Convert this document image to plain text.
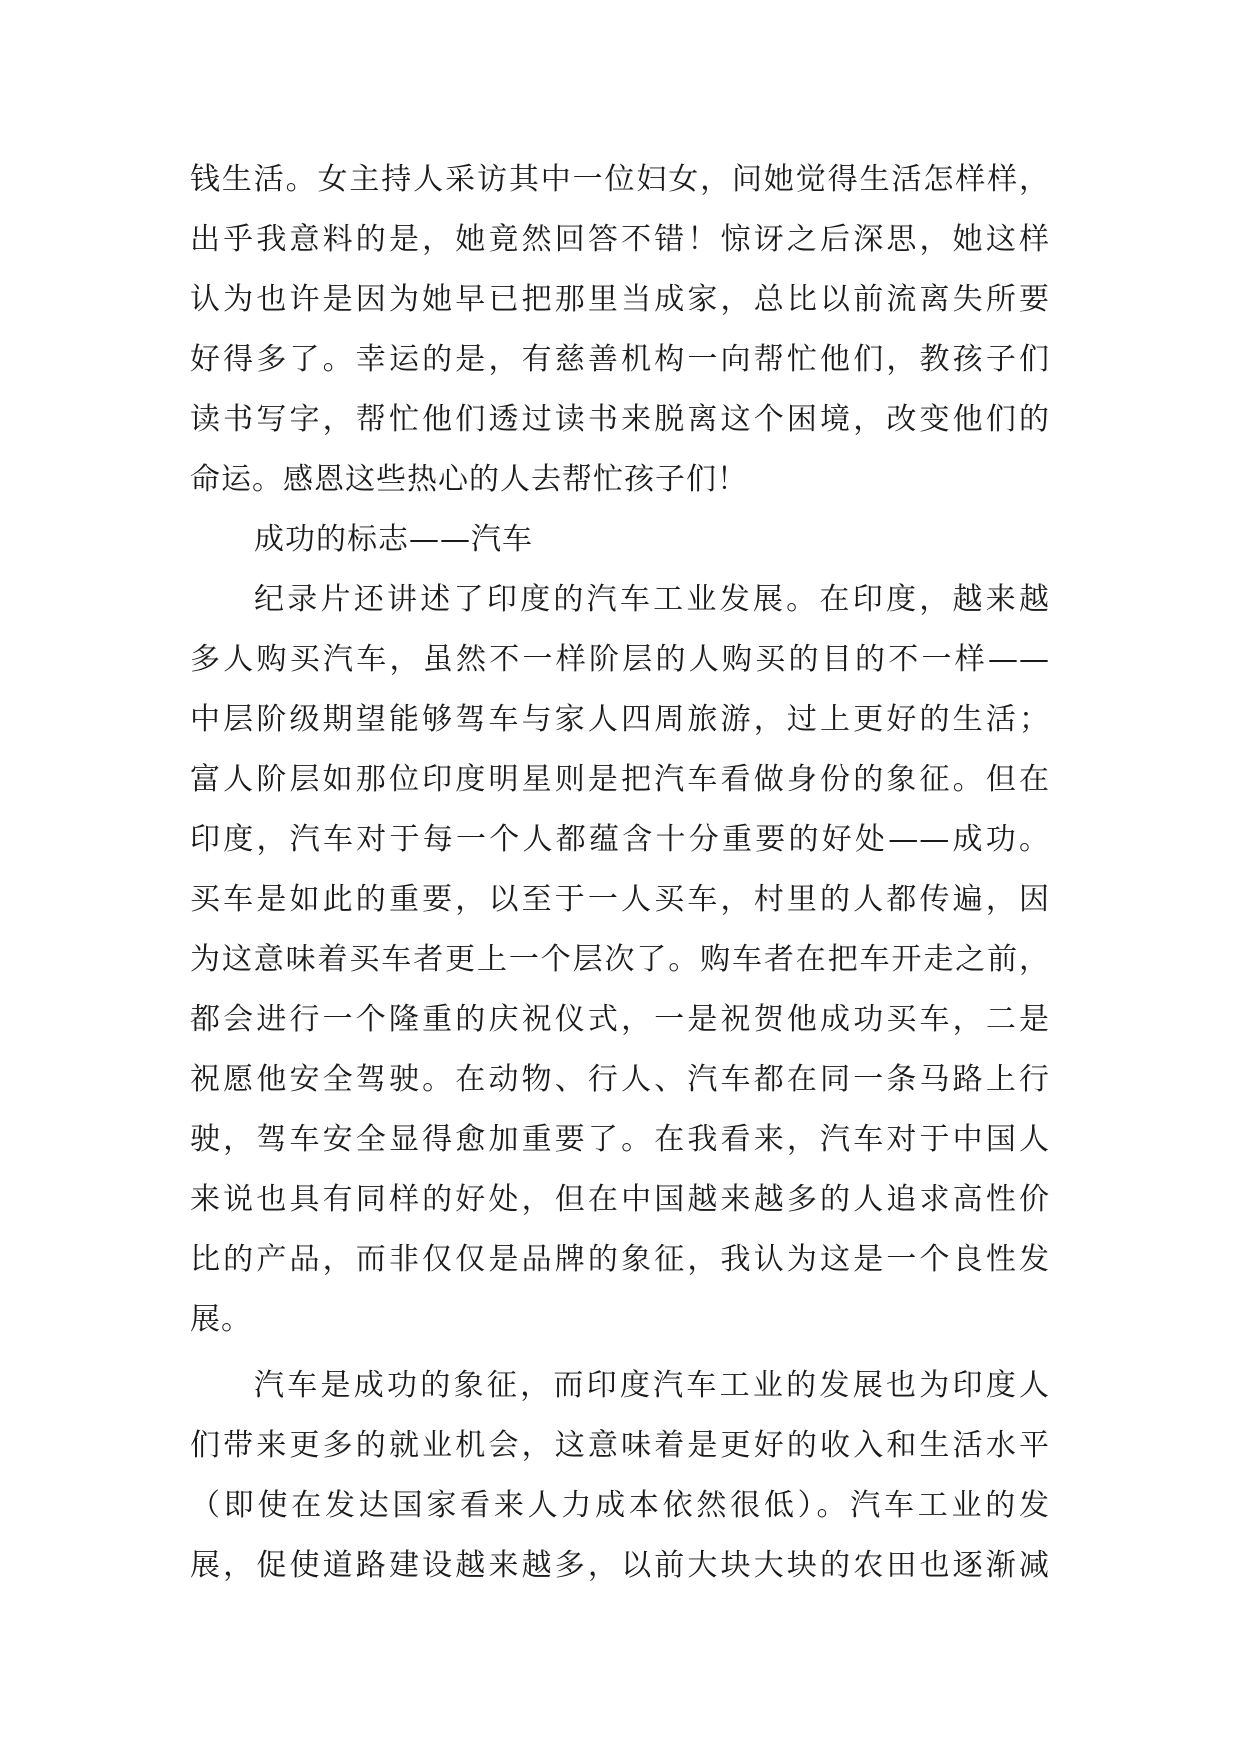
钱生活。女主持人采访其中一位妇女，问她觉得生活怎样样，
出乎我意料的是，她竟然回答不错！惊讶之后深思，她这样
认为也许是因为她早已把那里当成家，总比以前流离失所要
好得多了。幸运的是，有慈善机构一向帮忙他们，教孩子们
读书写字，帮忙他们透过读书来脱离这个困境，改变他们的
命运。感恩这些热心的人去帮忙孩子们！
成功的标志——汽车
纪录片还讲述了印度的汽车工业发展。在印度，越来越
多人购买汽车，虽然不一样阶层的人购买的目的不一样——
中层阶级期望能够驾车与家人四周旅游，过上更好的生活；
富人阶层如那位印度明星则是把汽车看做身份的象征。但在
印度，汽车对于每一个人都蕴含十分重要的好处——成功。
买车是如此的重要，以至于一人买车，村里的人都传遍，因
为这意味着买车者更上一个层次了。购车者在把车开走之前，
都会进行一个隆重的庆祝仪式，一是祝贺他成功买车，二是
祝愿他安全驾驶。在动物、行人、汽车都在同一条马路上行
驶，驾车安全显得愈加重要了。在我看来，汽车对于中国人
来说也具有同样的好处，但在中国越来越多的人追求高性价
比的产品，而非仅仅是品牌的象征，我认为这是一个良性发
展。
汽车是成功的象征，而印度汽车工业的发展也为印度人
们带来更多的就业机会，这意味着是更好的收入和生活水平
（即使在发达国家看来人力成本依然很低）。汽车工业的发
展，促使道路建设越来越多，以前大块大块的农田也逐渐减
